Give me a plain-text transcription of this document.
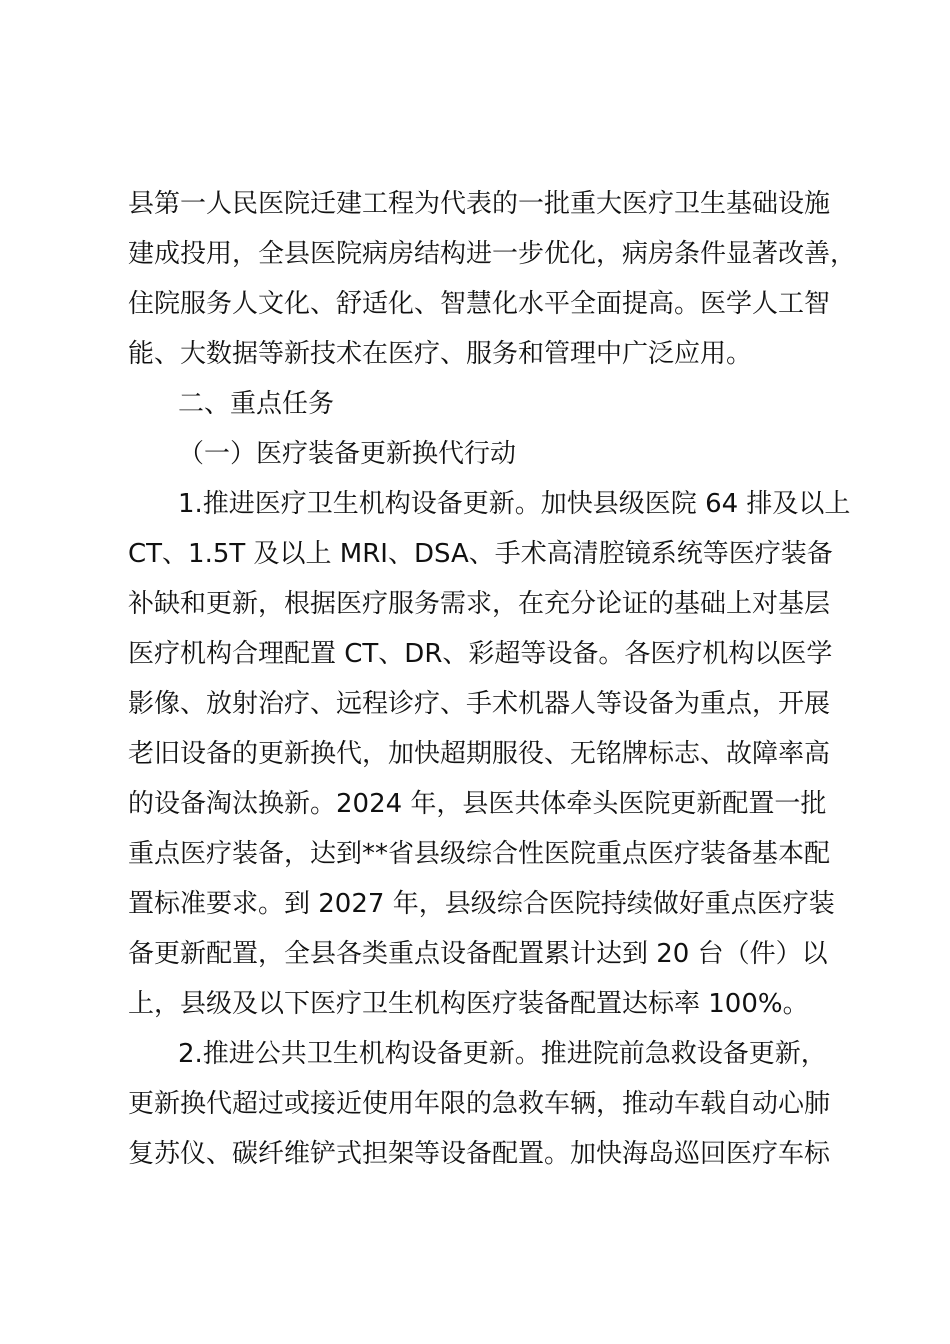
县第一人民医院迁建工程为代表的一批重大医疗卫生基础设施
建成投用，全县医院病房结构进一步优化，病房条件显著改善，
住院服务人文化、舒适化、智慧化水平全面提高。医学人工智
能、大数据等新技术在医疗、服务和管理中广泛应用。
二、重点任务
（一）医疗装备更新换代行动
1.推进医疗卫生机构设备更新。加快县级医院 64 排及以上
CT、1.5T 及以上 MRI、DSA、手术高清腔镜系统等医疗装备
补缺和更新，根据医疗服务需求，在充分论证的基础上对基层
医疗机构合理配置 CT、DR、彩超等设备。各医疗机构以医学
影像、放射治疗、远程诊疗、手术机器人等设备为重点，开展
老旧设备的更新换代，加快超期服役、无铭牌标志、故障率高
的设备淘汰换新。2024 年，县医共体牵头医院更新配置一批
重点医疗装备，达到**省县级综合性医院重点医疗装备基本配
置标准要求。到 2027 年，县级综合医院持续做好重点医疗装
备更新配置，全县各类重点设备配置累计达到 20 台（件）以
上，县级及以下医疗卫生机构医疗装备配置达标率 100%。
2.推进公共卫生机构设备更新。推进院前急救设备更新，
更新换代超过或接近使用年限的急救车辆，推动车载自动心肺
复苏仪、碳纤维铲式担架等设备配置。加快海岛巡回医疗车标
